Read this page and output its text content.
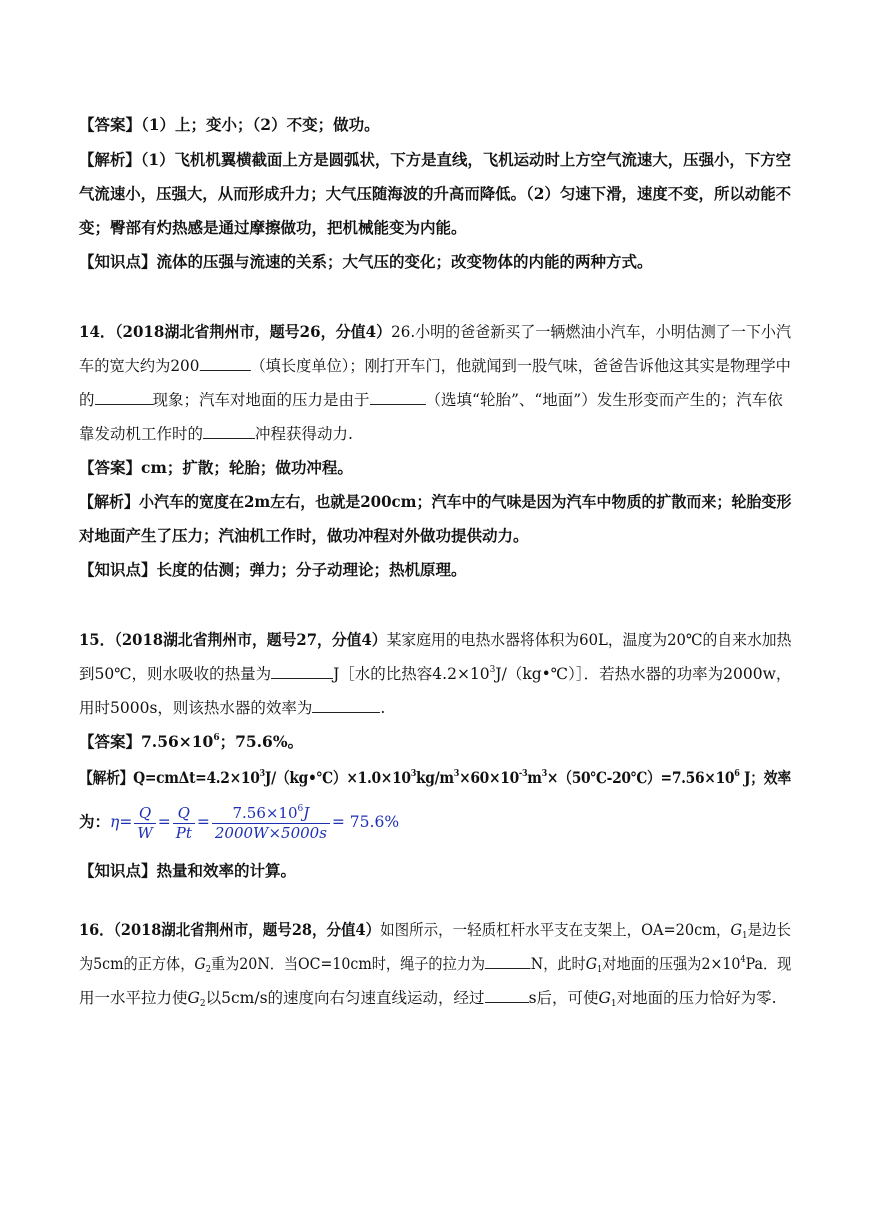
【答案】（1）上；变小；（2）不变；做功。
【解析】（1）飞机机翼横截面上方是圆弧状，下方是直线，飞机运动时上方空气流速大，压强小，下方空
气流速小，压强大，从而形成升力；大气压随海波的升高而降低。（2）匀速下滑，速度不变，所以动能不
变；臀部有灼热感是通过摩擦做功，把机械能变为内能。
【知识点】流体的压强与流速的关系；大气压的变化；改变物体的内能的两种方式。
14．（2018湖北省荆州市，题号26，分值4）26.小明的爸爸新买了一辆燃油小汽车，小明估测了一下小汽
车的宽大约为200	（填长度单位）；刚打开车门，他就闻到一股气味，爸爸告诉他这其实是物理学中
的	现象；汽车对地面的压力是由于	（选填“轮胎”、“地面”）发生形变而产生的；汽车依
靠发动机工作时的	冲程获得动力.
【答案】cm；扩散；轮胎；做功冲程。
【解析】小汽车的宽度在2m左右，也就是200cm；汽车中的气味是因为汽车中物质的扩散而来；轮胎变形
对地面产生了压力；汽油机工作时，做功冲程对外做功提供动力。
【知识点】长度的估测；弹力；分子动理论；热机原理。
15．（2018湖北省荆州市，题号27，分值4）某家庭用的电热水器将体积为60L，温度为20℃的自来水加热
到50℃，则水吸收的热量为	J［水的比热容$4.2\times 10^3J/(kg•℃)]$．若热水器的功率为2000w，
用时5000s，则该热水器的效率为	.
【答案】$7.56\times 10^6$；75.6%。
【解析】$Q=cm\Delta t=4.2\times 10^3J/(kg•℃)\times 1.0\times 10^3kg/m^3\times 60\times 10^{-3}m^3\times(50℃-20℃)=7.56\times 10^6$ J；效率
为：$\eta= \frac{Q}{W} = \frac{Q}{Pt} = \frac{7.56\times 10^6J}{2000W\times 5000s} = 75.6\%$
【知识点】热量和效率的计算。
16．（2018湖北省荆州市，题号28，分值4）如图所示，一轻质杠杆水平支在支架上，OA=20cm，$G_1$是边长
为5cm的正方体，$G_2$重为20N．当OC=10cm时，绳子的拉力为	N，此时$G_1$对地面的压强为$2\times 10^4Pa$．现
用一水平拉力使$G_2$以5cm/s的速度向右匀速直线运动，经过	s后，可使$G_1$对地面的压力恰好为零.
